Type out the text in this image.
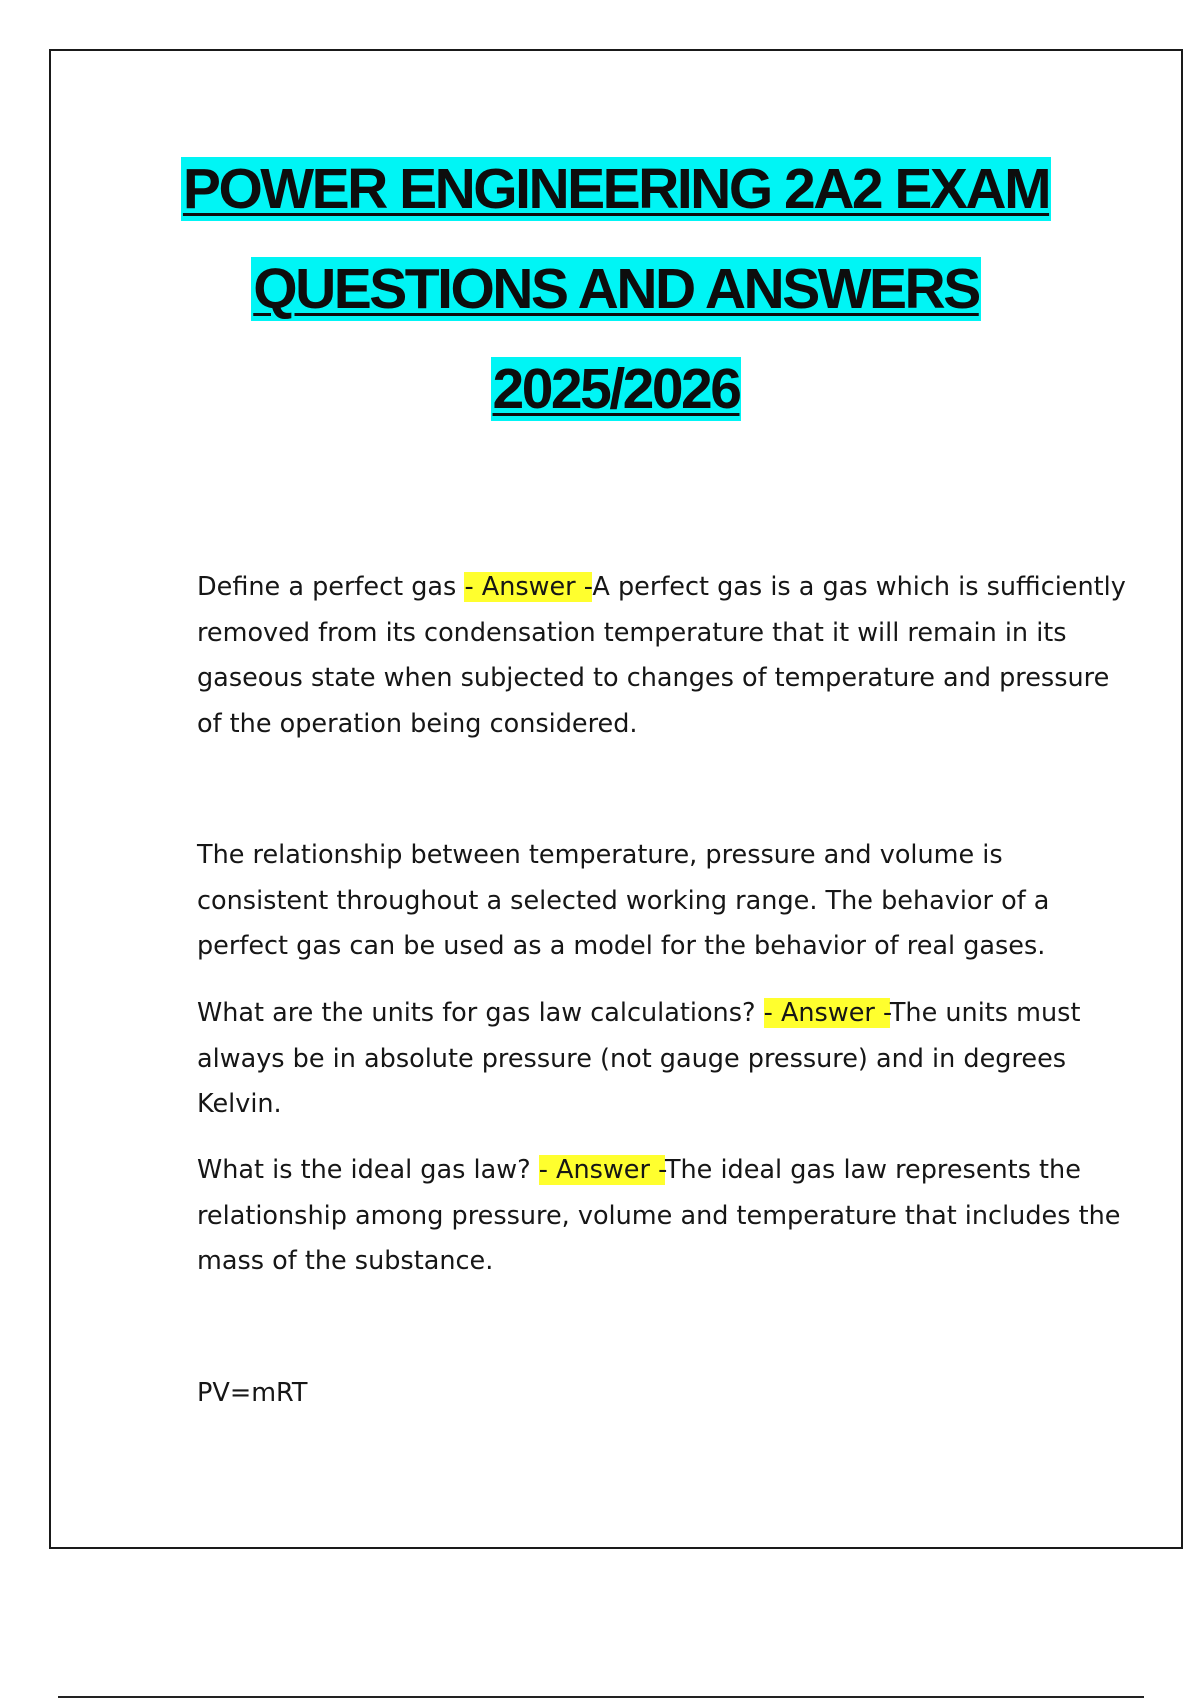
POWER ENGINEERING 2A2 EXAM
QUESTIONS AND ANSWERS
2025/2026

Define a perfect gas - Answer -A perfect gas is a gas which is sufficiently removed from its condensation temperature that it will remain in its gaseous state when subjected to changes of temperature and pressure of the operation being considered.

The relationship between temperature, pressure and volume is consistent throughout a selected working range. The behavior of a perfect gas can be used as a model for the behavior of real gases.

What are the units for gas law calculations? - Answer -The units must always be in absolute pressure (not gauge pressure) and in degrees Kelvin.

What is the ideal gas law? - Answer -The ideal gas law represents the relationship among pressure, volume and temperature that includes the mass of the substance.

PV=mRT
